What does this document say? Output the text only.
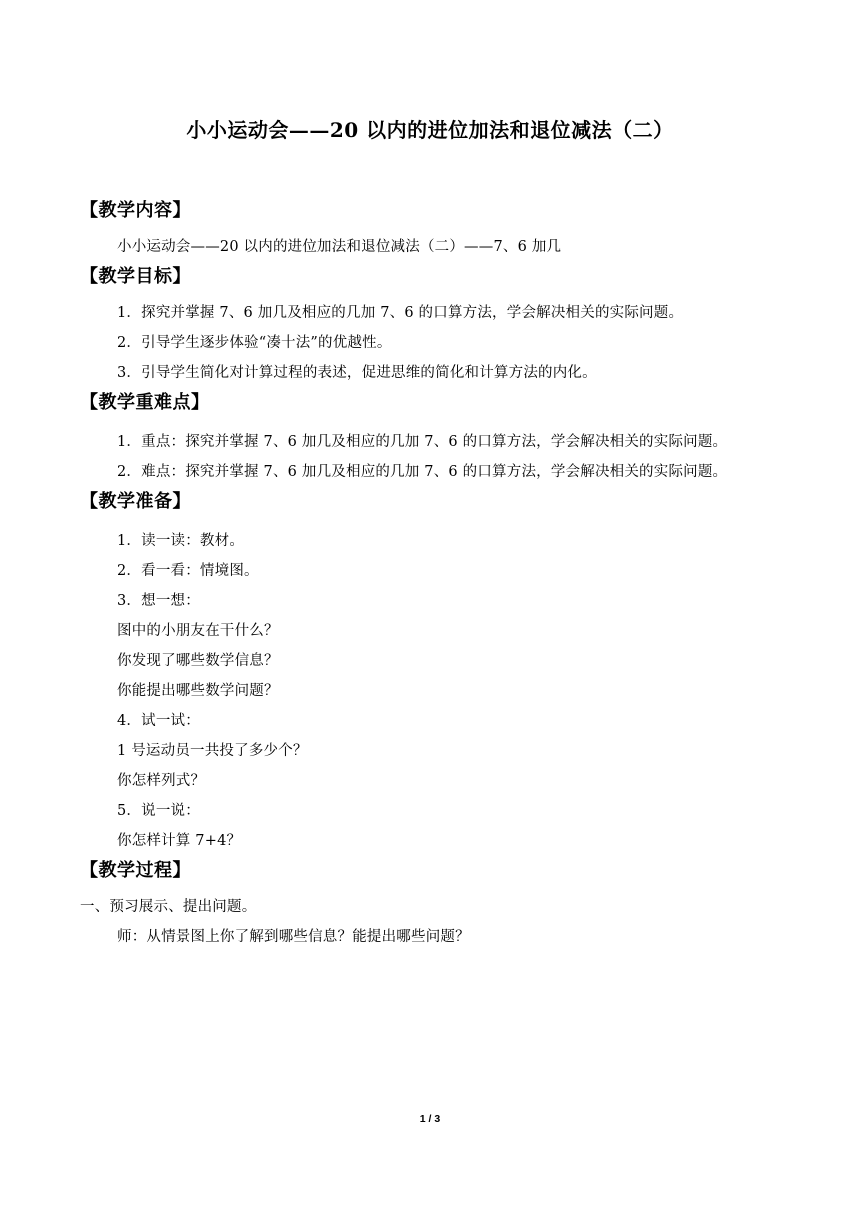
小小运动会——20 以内的进位加法和退位减法（二）

【教学内容】

小小运动会——20 以内的进位加法和退位减法（二）——7、6 加几

【教学目标】

1．探究并掌握 7、6 加几及相应的几加 7、6 的口算方法，学会解决相关的实际问题。

2．引导学生逐步体验“凑十法”的优越性。

3．引导学生简化对计算过程的表述，促进思维的简化和计算方法的内化。

【教学重难点】

1．重点：探究并掌握 7、6 加几及相应的几加 7、6 的口算方法，学会解决相关的实际问题。

2．难点：探究并掌握 7、6 加几及相应的几加 7、6 的口算方法，学会解决相关的实际问题。

【教学准备】

1．读一读：教材。

2．看一看：情境图。

3．想一想：

图中的小朋友在干什么？

你发现了哪些数学信息？

你能提出哪些数学问题？

4．试一试：

1 号运动员一共投了多少个？

你怎样列式？

5．说一说：

你怎样计算 7+4？

【教学过程】

一、预习展示、提出问题。

师：从情景图上你了解到哪些信息？能提出哪些问题？

1 / 3
